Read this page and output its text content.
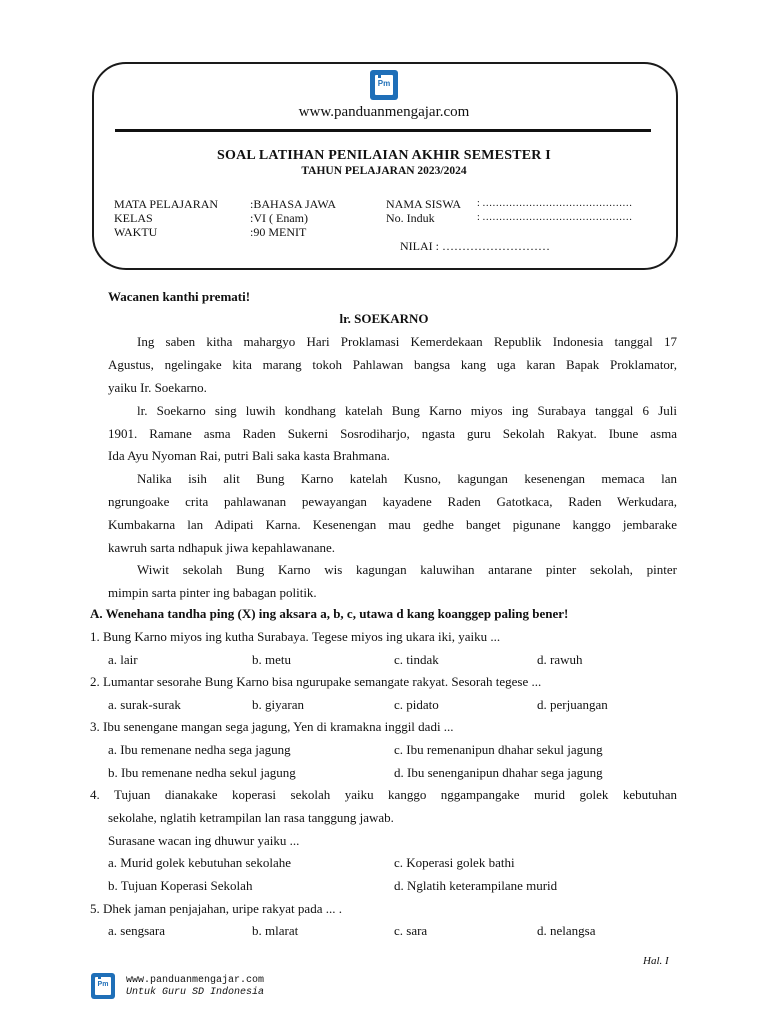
Pm
www.panduanmengajar.com
SOAL LATIHAN PENILAIAN AKHIR SEMESTER I
TAHUN PELAJARAN 2023/2024
MATA PELAJARAN	:BAHASA JAWA
KELAS	:VI ( Enam)
WAKTU	:90 MENIT
NAMA SISWA : ………………………………………
No. Induk	: ………………………………………
NILAI : ………………………
Wacanen kanthi premati!
lr. SOEKARNO
Ing saben kitha mahargyo Hari Proklamasi Kemerdekaan Republik Indonesia tanggal 17
Agustus, ngelingake kita marang tokoh Pahlawan bangsa kang uga karan Bapak Proklamator,
yaiku Ir. Soekarno.
lr. Soekarno sing luwih kondhang katelah Bung Karno miyos ing Surabaya tanggal 6 Juli
1901. Ramane asma Raden Sukerni Sosrodiharjo, ngasta guru Sekolah Rakyat. Ibune asma
Ida Ayu Nyoman Rai, putri Bali saka kasta Brahmana.
Nalika isih alit Bung Karno katelah Kusno, kagungan kesenengan memaca lan
ngrungoake crita pahlawanan pewayangan kayadene Raden Gatotkaca, Raden Werkudara,
Kumbakarna lan Adipati Karna. Kesenengan mau gedhe banget pigunane kanggo jembarake
kawruh sarta ndhapuk jiwa kepahlawanane.
Wiwit sekolah Bung Karno wis kagungan kaluwihan antarane pinter sekolah, pinter
mimpin sarta pinter ing babagan politik.
A. Wenehana tandha ping (X) ing aksara a, b, c, utawa d kang koanggep paling bener!
1. Bung Karno miyos ing kutha Surabaya. Tegese miyos ing ukara iki, yaiku ...
a. lair	b. metu	c. tindak	d. rawuh
2. Lumantar sesorahe Bung Karno bisa ngurupake semangate rakyat. Sesorah tegese ...
a. surak-surak	b. giyaran	c. pidato	d. perjuangan
3. Ibu senengane mangan sega jagung, Yen di kramakna inggil dadi ...
a. Ibu remenane nedha sega jagung	c. Ibu remenanipun dhahar sekul jagung
b. Ibu remenane nedha sekul jagung	d. Ibu senenganipun dhahar sega jagung
4. Tujuan dianakake koperasi sekolah yaiku kanggo nggampangake murid golek kebutuhan
sekolahe, nglatih ketrampilan lan rasa tanggung jawab.
Surasane wacan ing dhuwur yaiku ...
a. Murid golek kebutuhan sekolahe	c. Koperasi golek bathi
b. Tujuan Koperasi Sekolah	d. Nglatih keterampilane murid
5. Dhek jaman penjajahan, uripe rakyat pada ... .
a. sengsara	b. mlarat	c. sara	d. nelangsa
Hal. I
Pm	www.panduanmengajar.com
Untuk Guru SD Indonesia
